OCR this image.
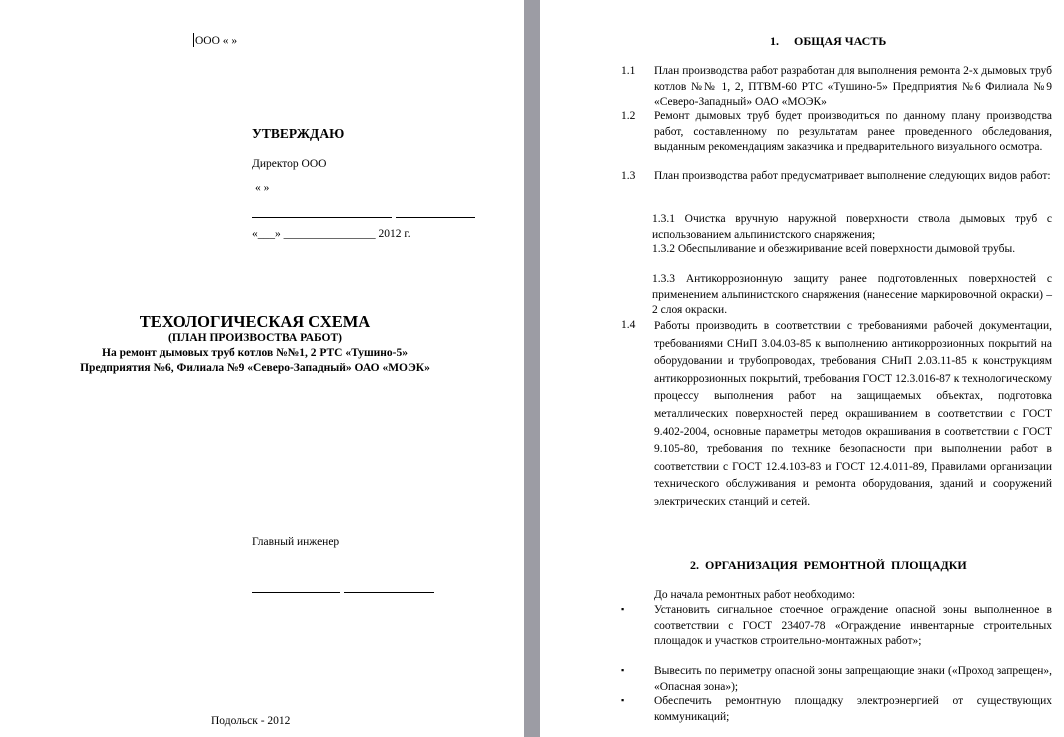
ООО « »
УТВЕРЖДАЮ
Директор ООО
« »
«___» ________________ 2012 г.
ТЕХОЛОГИЧЕСКАЯ СХЕМА
(ПЛАН ПРОИЗВОСТВА РАБОТ)
На ремонт дымовых труб котлов №№1, 2 РТС «Тушино-5»
Предприятия №6, Филиала №9 «Северо-Западный» ОАО «МОЭК»
Главный инженер
Подольск - 2012
1.     ОБЩАЯ ЧАСТЬ
1.1 План производства работ разработан для выполнения ремонта 2-х дымовых труб котлов №№ 1, 2, ПТВМ-60 РТС «Тушино-5» Предприятия №6 Филиала №9 «Северо-Западный» ОАО «МОЭК»
1.2 Ремонт дымовых труб будет производиться по данному плану производства работ, составленному по результатам ранее проведенного обследования, выданным рекомендациям заказчика и предварительного визуального осмотра.
1.3 План производства работ предусматривает выполнение следующих видов работ:
1.3.1 Очистка вручную наружной поверхности ствола дымовых труб с использованием альпинистского снаряжения;
1.3.2 Обеспыливание и обезжиривание всей поверхности дымовой трубы.
1.3.3 Антикоррозионную защиту ранее подготовленных поверхностей с применением альпинистского снаряжения (нанесение маркировочной окраски) – 2 слоя окраски.
1.4 Работы производить в соответствии с требованиями рабочей документации, требованиями СНиП 3.04.03-85 к выполнению антикоррозионных покрытий на оборудовании и трубопроводах, требования СНиП 2.03.11-85 к конструкциям антикоррозионных покрытий, требования ГОСТ 12.3.016-87 к технологическому процессу выполнения работ на защищаемых объектах, подготовка металлических поверхностей перед окрашиванием в соответствии с ГОСТ 9.402-2004, основные параметры методов окрашивания в соответствии с ГОСТ 9.105-80, требования по технике безопасности при выполнении работ в соответствии с ГОСТ 12.4.103-83 и ГОСТ 12.4.011-89, Правилами организации технического обслуживания и ремонта оборудования, зданий и сооружений электрических станций и сетей.
2.  ОРГАНИЗАЦИЯ  РЕМОНТНОЙ  ПЛОЩАДКИ
До начала ремонтных работ необходимо:
▪	Установить сигнальное стоечное ограждение опасной зоны выполненное в соответствии с ГОСТ 23407-78 «Ограждение инвентарные строительных площадок и участков строительно-монтажных работ»;
▪	Вывесить по периметру опасной зоны запрещающие знаки («Проход запрещен», «Опасная зона»);
▪	Обеспечить ремонтную площадку электроэнергией от существующих коммуникаций;
